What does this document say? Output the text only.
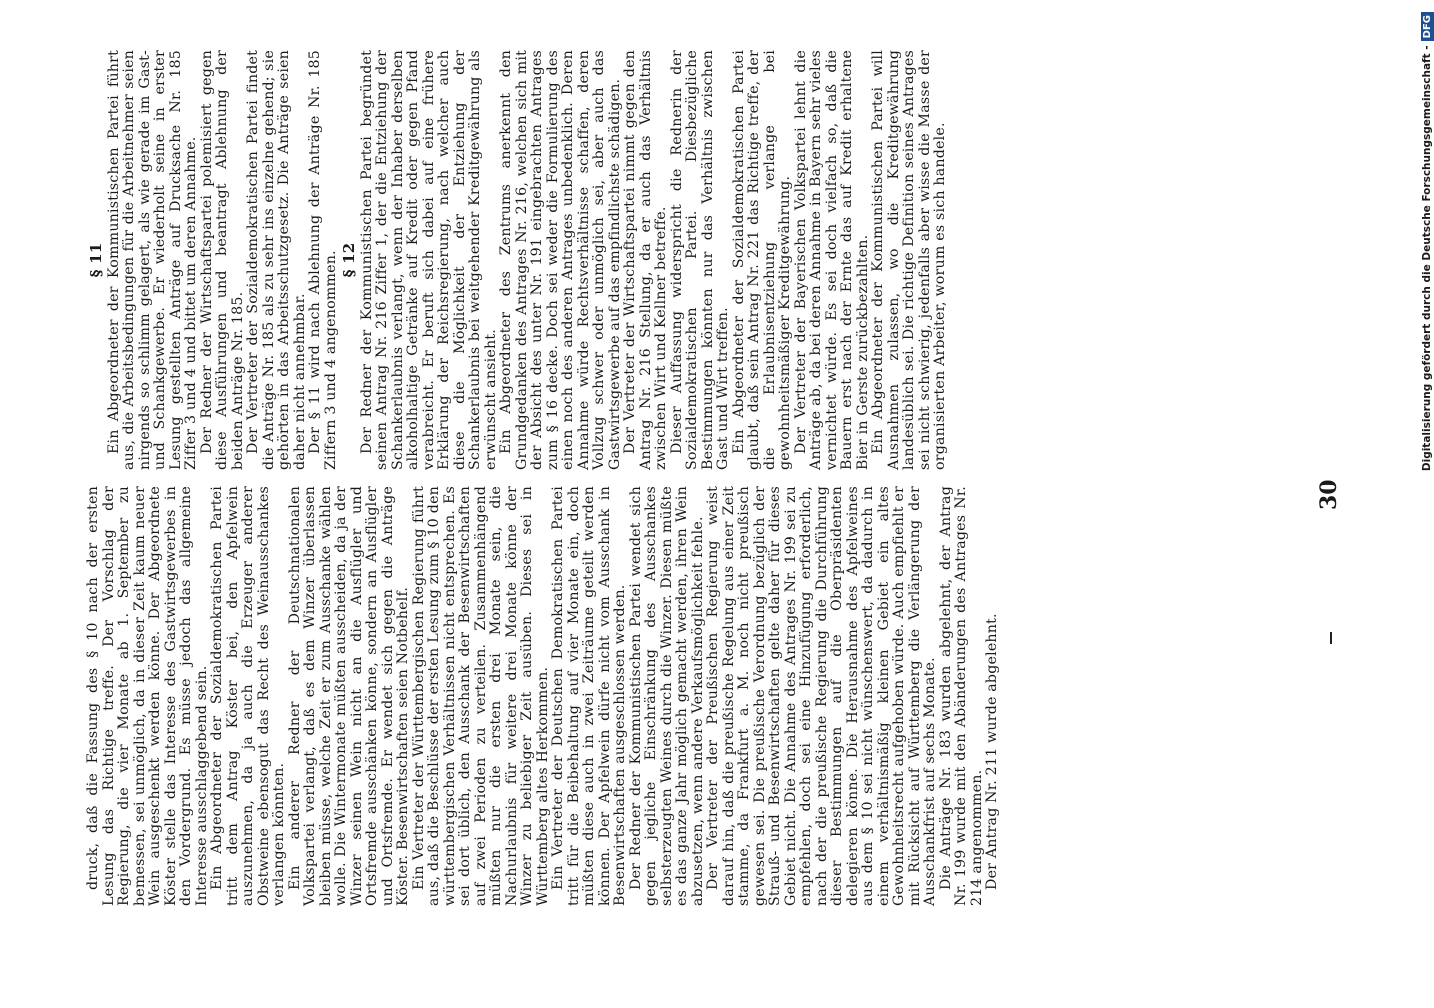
druck, daß die Fassung des § 10 nach der ersten Lesung das Richtige treffe. Der Vorschlag der Regierung, die vier Monate ab 1. September zu bemessen, sei unmöglich, da in dieser Zeit kaum neuer Wein ausgeschenkt werden könne. Der Abgeordnete Köster stelle das Interesse des Gastwirtsgewerbes in den Vordergrund. Es müsse jedoch das allgemeine Interesse ausschlaggebend sein. Ein Abgeordneter der Sozialdemokratischen Partei tritt dem Antrag Köster bei, den Apfelwein auszunehmen, da ja auch die Erzeuger anderer Obstweine ebensogut das Recht des Weinausschankes verlangen könnten. Ein anderer Redner der Deutschnationalen Volkspartei verlangt, daß es dem Winzer überlassen bleiben müsse, welche Zeit er zum Ausschanke wählen wolle. Die Wintermonate müßten ausscheiden, da ja der Winzer seinen Wein nicht an die Ausflügler und Ortsfremde ausschänken könne, sondern an Ausflügler und Ortsfremde. Er wendet sich gegen die Anträge Köster. Besenwirtschaften seien Notbehelf. Ein Vertreter der Württembergischen Regierung führt aus, daß die Beschlüsse der ersten Lesung zum § 10 den württembergischen Verhältnissen nicht entsprechen. Es sei dort üblich, den Ausschank der Besenwirtschaften auf zwei Perioden zu verteilen. Zusammenhängend müßten nur die ersten drei Monate sein, die Nachurlaubnis für weitere drei Monate könne der Winzer zu beliebiger Zeit ausüben. Dieses sei in Württemberg altes Herkommen. Ein Vertreter der Deutschen Demokratischen Partei tritt für die Beibehaltung auf vier Monate ein, doch müßten diese auch in zwei Zeiträume geteilt werden können. Der Apfelwein dürfe nicht vom Ausschank in Besenwirtschaften ausgeschlossen werden. Der Redner der Kommunistischen Partei wendet sich gegen jegliche Einschränkung des Ausschankes selbsterzeugten Weines durch die Winzer. Diesen müßte es das ganze Jahr möglich gemacht werden, ihren Wein abzusetzen, wenn andere Verkaufsmöglichkeit fehle. Der Vertreter der Preußischen Regierung weist darauf hin, daß die preußische Regelung aus einer Zeit stamme, da Frankfurt a. M. noch nicht preußisch gewesen sei. Die preußische Verordnung bezüglich der Strauß- und Besenwirtschaften gelte daher für dieses Gebiet nicht. Die Annahme des Antrages Nr. 199 sei zu empfehlen, doch sei eine Hinzufügung erforderlich, nach der die preußische Regierung die Durchführung dieser Bestimmungen auf die Oberpräsidenten delegieren könne. Die Herausnahme des Apfelweines aus dem § 10 sei nicht wünschenswert, da dadurch in einem verhältnismäßig kleinen Gebiet ein altes Gewohnheitsrecht aufgehoben würde. Auch empfiehlt er mit Rücksicht auf Württemberg die Verlängerung der Ausschankfrist auf sechs Monate. Die Anträge Nr. 183 wurden abgelehnt, der Antrag Nr. 199 wurde mit den Abänderungen des Antrages Nr. 214 angenommen. Der Antrag Nr. 211 wurde abgelehnt.

§ 11 Ein Abgeordneter der Kommunistischen Partei führt aus, die Arbeitsbedingungen für die Arbeitnehmer seien nirgends so schlimm gelagert, als wie gerade im Gast- und Schankgewerbe. Er wiederholt seine in erster Lesung gestellten Anträge auf Drucksache Nr. 185 Ziffer 3 und 4 und bittet um deren Annahme. Der Redner der Wirtschaftspartei polemisiert gegen diese Ausführungen und beantragt Ablehnung der beiden Anträge Nr. 185. Der Vertreter der Sozialdemokratischen Partei findet die Anträge Nr. 185 als zu sehr ins einzelne gehend; sie gehörten in das Arbeitsschutzgesetz. Die Anträge seien daher nicht annehmbar. Der § 11 wird nach Ablehnung der Anträge Nr. 185 Ziffern 3 und 4 angenommen. § 12 Der Redner der Kommunistischen Partei begründet seinen Antrag Nr. 216 Ziffer 1, der die Entziehung der Schankerlaubnis verlangt, wenn der Inhaber derselben alkoholhaltige Getränke auf Kredit oder gegen Pfand verabreicht. Er beruft sich dabei auf eine frühere Erklärung der Reichsregierung, nach welcher auch diese die Möglichkeit der Entziehung der Schankerlaubnis bei weitgehender Kreditgewährung als erwünscht ansieht. Ein Abgeordneter des Zentrums anerkennt den Grundgedanken des Antrages Nr. 216, welchen sich mit der Absicht des unter Nr. 191 eingebrachten Antrages zum § 16 decke. Doch sei weder die Formulierung des einen noch des anderen Antrages unbedenklich. Deren Annahme würde Rechtsverhältnisse schaffen, deren Vollzug schwer oder unmöglich sei, aber auch das Gastwirtsgewerbe auf das empfindlichste schädigen. Der Vertreter der Wirtschaftspartei nimmt gegen den Antrag Nr. 216 Stellung, da er auch das Verhältnis zwischen Wirt und Kellner betreffe. Dieser Auffassung widerspricht die Rednerin der Sozialdemokratischen Partei. Diesbezügliche Bestimmungen könnten nur das Verhältnis zwischen Gast und Wirt treffen. Ein Abgeordneter der Sozialdemokratischen Partei glaubt, daß sein Antrag Nr. 221 das Richtige treffe, der die Erlaubnisentziehung verlange bei gewohnheitsmäßiger Kreditgewährung. Der Vertreter der Bayerischen Volkspartei lehnt die Anträge ab, da bei deren Annahme in Bayern sehr vieles vernichtet würde. Es sei doch vielfach so, daß die Bauern erst nach der Ernte das auf Kredit erhaltene Bier in Gerste zurückbezahlten. Ein Abgeordneter der Kommunistischen Partei will Ausnahmen zulassen, wo die Kreditgewährung landesüblich sei. Die richtige Definition seines Antrages sei nicht schwierig, jedenfalls aber wisse die Masse der organisierten Arbeiter, worum es sich handele.

30
Digitalisierung gefördert durch die Deutsche Forschungsgemeinschaft -DFG
